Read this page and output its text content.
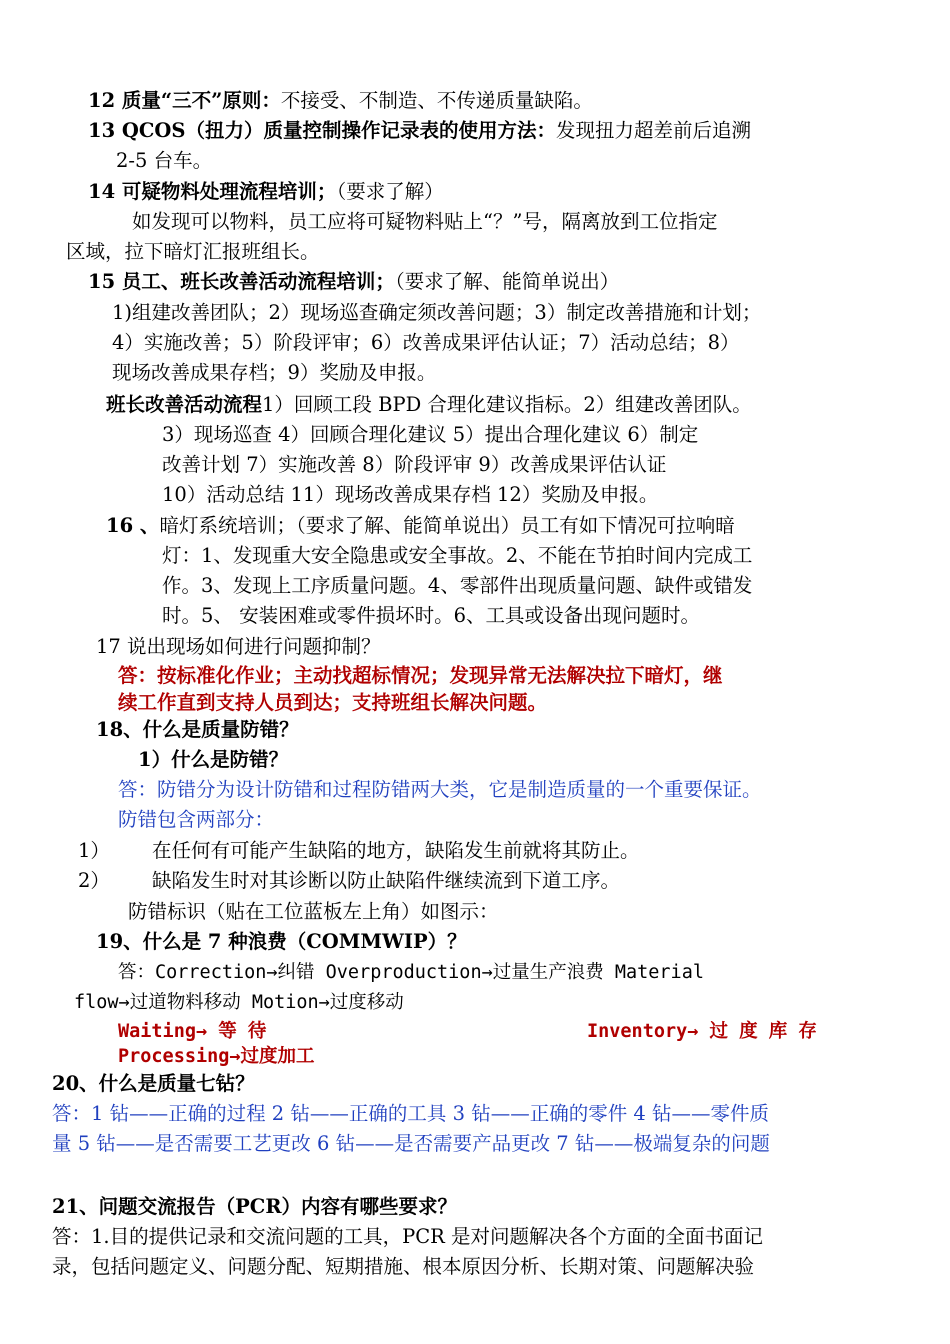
12 质量“三不”原则：不接受、不制造、不传递质量缺陷。
13 QCOS（扭力）质量控制操作记录表的使用方法：发现扭力超差前后追溯
2-5 台车。
14 可疑物料处理流程培训；（要求了解）
如发现可以物料，员工应将可疑物料贴上“？”号，隔离放到工位指定
区域，拉下暗灯汇报班组长。
15 员工、班长改善活动流程培训；（要求了解、能简单说出）
1)组建改善团队；2）现场巡查确定须改善问题；3）制定改善措施和计划；
4）实施改善；5）阶段评审；6）改善成果评估认证；7）活动总结；8）
现场改善成果存档；9）奖励及申报。
班长改善活动流程1）回顾工段 BPD 合理化建议指标。2）组建改善团队。
3）现场巡查 4）回顾合理化建议 5）提出合理化建议 6）制定
改善计划 7）实施改善 8）阶段评审 9）改善成果评估认证
10）活动总结 11）现场改善成果存档 12）奖励及申报。
16 、暗灯系统培训；（要求了解、能简单说出）员工有如下情况可拉响暗
灯：1、发现重大安全隐患或安全事故。2、不能在节拍时间内完成工
作。3、发现上工序质量问题。4、零部件出现质量问题、缺件或错发
时。5、 安装困难或零件损坏时。6、工具或设备出现问题时。
17 说出现场如何进行问题抑制？
答：按标准化作业；主动找超标情况；发现异常无法解决拉下暗灯，继
续工作直到支持人员到达；支持班组长解决问题。
18、什么是质量防错？
1）什么是防错？
答：防错分为设计防错和过程防错两大类，它是制造质量的一个重要保证。
防错包含两部分：
1） 在任何有可能产生缺陷的地方，缺陷发生前就将其防止。
2） 缺陷发生时对其诊断以防止缺陷件继续流到下道工序。
防错标识（贴在工位蓝板左上角）如图示：
19、什么是 7 种浪费（COMMWIP）？
答：Correction→纠错 Overproduction→过量生产浪费 Material
flow→过道物料移动 Motion→过度移动
Waiting→ 等 待	Inventory→ 过 度 库 存
Processing→过度加工
20、什么是质量七钻？
答：1 钻——正确的过程 2 钻——正确的工具 3 钻——正确的零件 4 钻——零件质
量 5 钻——是否需要工艺更改 6 钻——是否需要产品更改 7 钻——极端复杂的问题
21、问题交流报告（PCR）内容有哪些要求？
答：1.目的提供记录和交流问题的工具，PCR 是对问题解决各个方面的全面书面记
录，包括问题定义、问题分配、短期措施、根本原因分析、长期对策、问题解决验
